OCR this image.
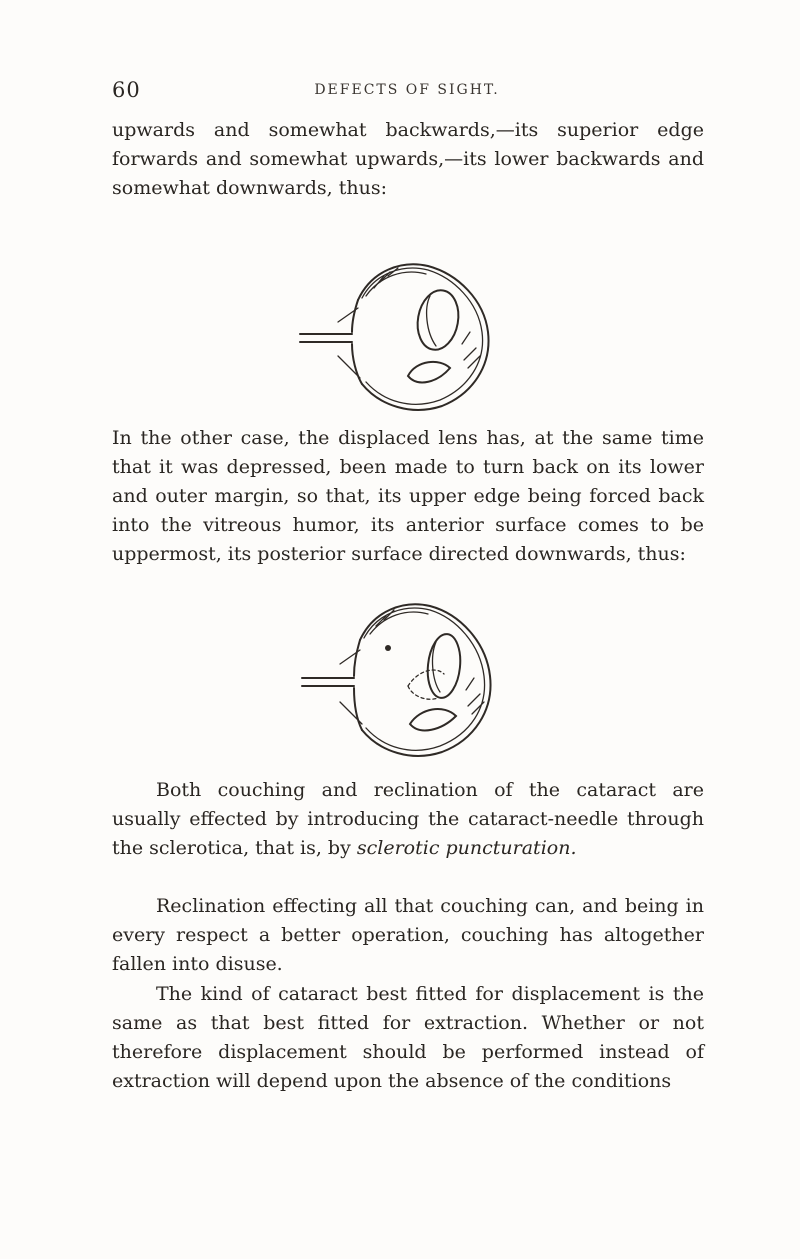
60	DEFECTS OF SIGHT.

upwards and somewhat backwards,—its superior edge forwards and somewhat upwards,—its lower backwards and somewhat downwards, thus:

In the other case, the displaced lens has, at the same time that it was depressed, been made to turn back on its lower and outer margin, so that, its upper edge being forced back into the vitreous humor, its anterior surface comes to be uppermost, its posterior surface directed downwards, thus:

Both couching and reclination of the cataract are usually effected by introducing the cataract-needle through the sclerotica, that is, by sclerotic puncturation.

Reclination effecting all that couching can, and being in every respect a better operation, couching has altogether fallen into disuse.

The kind of cataract best fitted for displacement is the same as that best fitted for extraction. Whether or not therefore displacement should be performed instead of extraction will depend upon the absence of the conditions
